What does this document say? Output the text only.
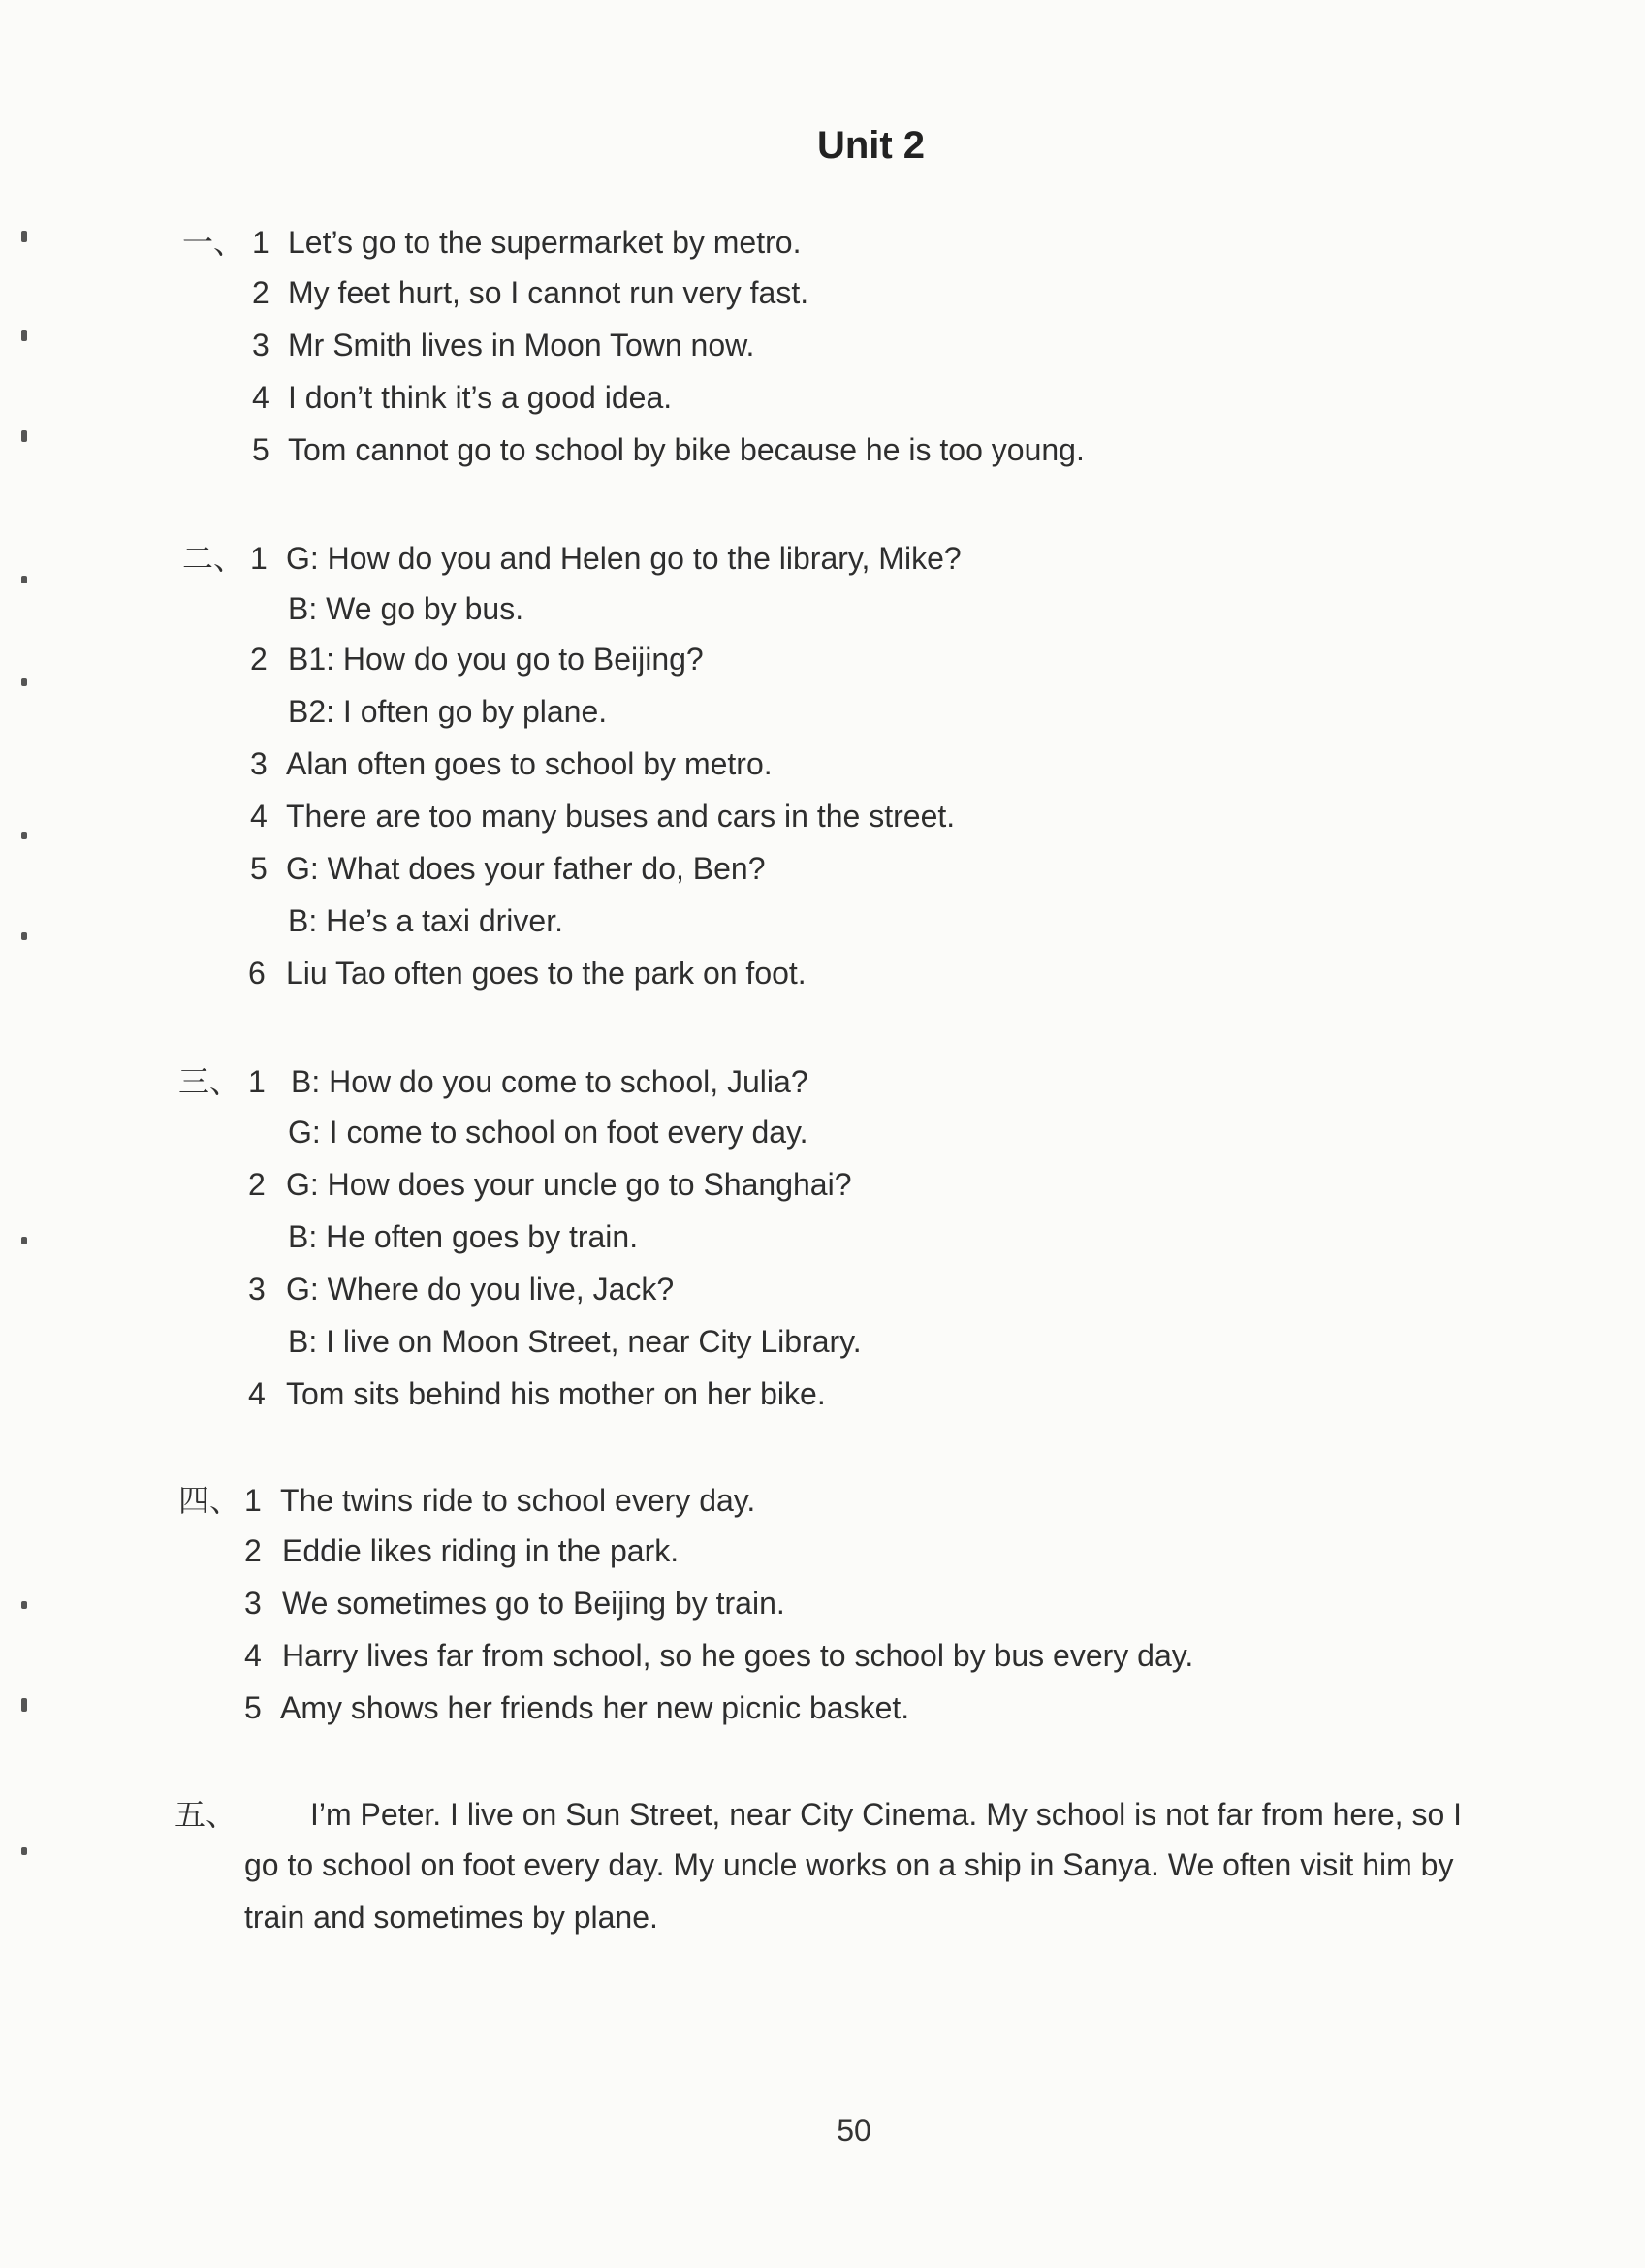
Unit 2
一、 1 Let’s go to the supermarket by metro.
2 My feet hurt, so I cannot run very fast.
3 Mr Smith lives in Moon Town now.
4 I don’t think it’s a good idea.
5 Tom cannot go to school by bike because he is too young.
二、 1 G: How do you and Helen go to the library, Mike?
B: We go by bus.
2 B1: How do you go to Beijing?
B2: I often go by plane.
3 Alan often goes to school by metro.
4 There are too many buses and cars in the street.
5 G: What does your father do, Ben?
B: He’s a taxi driver.
6 Liu Tao often goes to the park on foot.
三、 1 B: How do you come to school, Julia?
G: I come to school on foot every day.
2 G: How does your uncle go to Shanghai?
B: He often goes by train.
3 G: Where do you live, Jack?
B: I live on Moon Street, near City Library.
4 Tom sits behind his mother on her bike.
四、 1 The twins ride to school every day.
2 Eddie likes riding in the park.
3 We sometimes go to Beijing by train.
4 Harry lives far from school, so he goes to school by bus every day.
5 Amy shows her friends her new picnic basket.
五、 I’m Peter. I live on Sun Street, near City Cinema. My school is not far from here, so I
go to school on foot every day. My uncle works on a ship in Sanya. We often visit him by
train and sometimes by plane.
50
